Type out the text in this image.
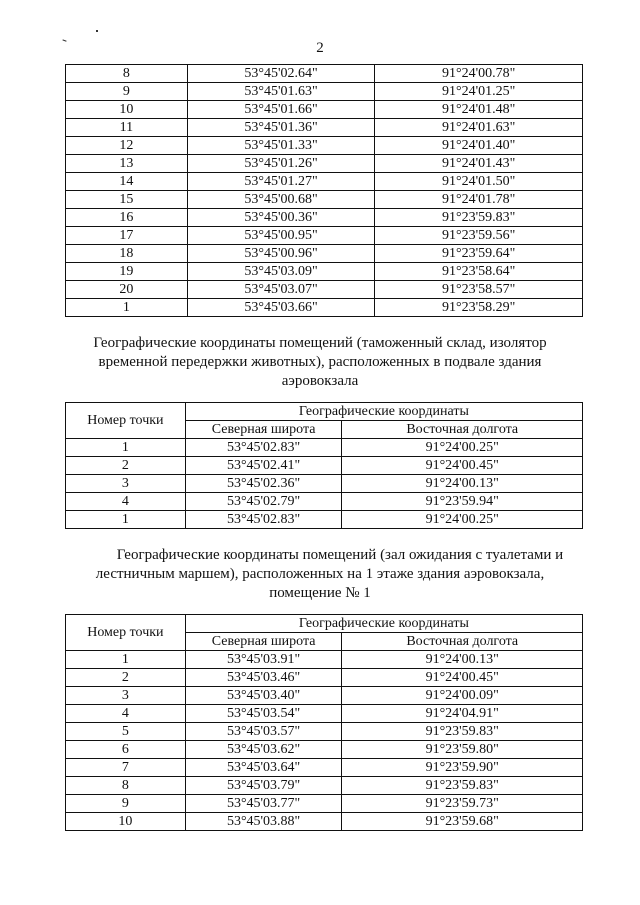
2
8	53°45'02.64"	91°24'00.78"
9	53°45'01.63"	91°24'01.25"
10	53°45'01.66"	91°24'01.48"
11	53°45'01.36"	91°24'01.63"
12	53°45'01.33"	91°24'01.40"
13	53°45'01.26"	91°24'01.43"
14	53°45'01.27"	91°24'01.50"
15	53°45'00.68"	91°24'01.78"
16	53°45'00.36"	91°23'59.83"
17	53°45'00.95"	91°23'59.56"
18	53°45'00.96"	91°23'59.64"
19	53°45'03.09"	91°23'58.64"
20	53°45'03.07"	91°23'58.57"
1	53°45'03.66"	91°23'58.29"
Географические координаты помещений (таможенный склад, изолятор
временной передержки животных), расположенных в подвале здания
аэровокзала
Номер точки	Географические координаты	
	Северная широта	Восточная долгота
1	53°45'02.83"	91°24'00.25"
2	53°45'02.41"	91°24'00.45"
3	53°45'02.36"	91°24'00.13"
4	53°45'02.79"	91°23'59.94"
1	53°45'02.83"	91°24'00.25"
Географические координаты помещений (зал ожидания с туалетами и
лестничным маршем), расположенных на 1 этаже здания аэровокзала,
помещение № 1
Номер точки	Географические координаты	
	Северная широта	Восточная долгота
1	53°45'03.91"	91°24'00.13"
2	53°45'03.46"	91°24'00.45"
3	53°45'03.40"	91°24'00.09"
4	53°45'03.54"	91°24'04.91"
5	53°45'03.57"	91°23'59.83"
6	53°45'03.62"	91°23'59.80"
7	53°45'03.64"	91°23'59.90"
8	53°45'03.79"	91°23'59.83"
9	53°45'03.77"	91°23'59.73"
10	53°45'03.88"	91°23'59.68"
